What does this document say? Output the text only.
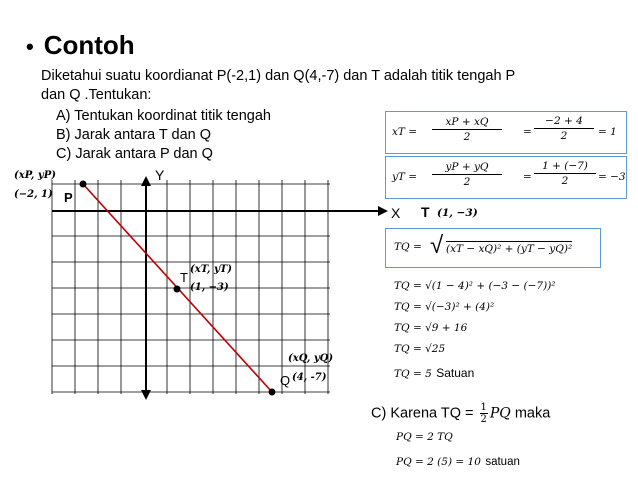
• Contoh
Diketahui suatu koordianat P(-2,1) dan Q(4,-7) dan T adalah titik tengah P
dan Q .Tentukan:
A) Tentukan koordinat titik tengah
B) Jarak antara T dan Q
C) Jarak antara P dan Q
Y
X
(xP, yP)
(−2, 1) P
T
(xT, yT)
(1, −3)
(xQ, yQ)
Q (4, -7)
T (1, −3)
xT = $\frac{xP + xQ}{2} = \frac{-2 + 4}{2} = 1$
yT = $\frac{yP + yQ}{2} = \frac{1 + (-7)}{2} = -3$
TQ = √ (xT − xQ)² + (yT − yQ)²
TQ = √(1 − 4)² + (−3 − (−7))²
TQ = √(−3)² + (4)²
TQ = √9 + 16
TQ = √25
TQ = 5 Satuan
C) Karena TQ = $\frac{1}{2}$ PQ maka
PQ = 2 TQ
PQ = 2 (5) = 10 satuan
